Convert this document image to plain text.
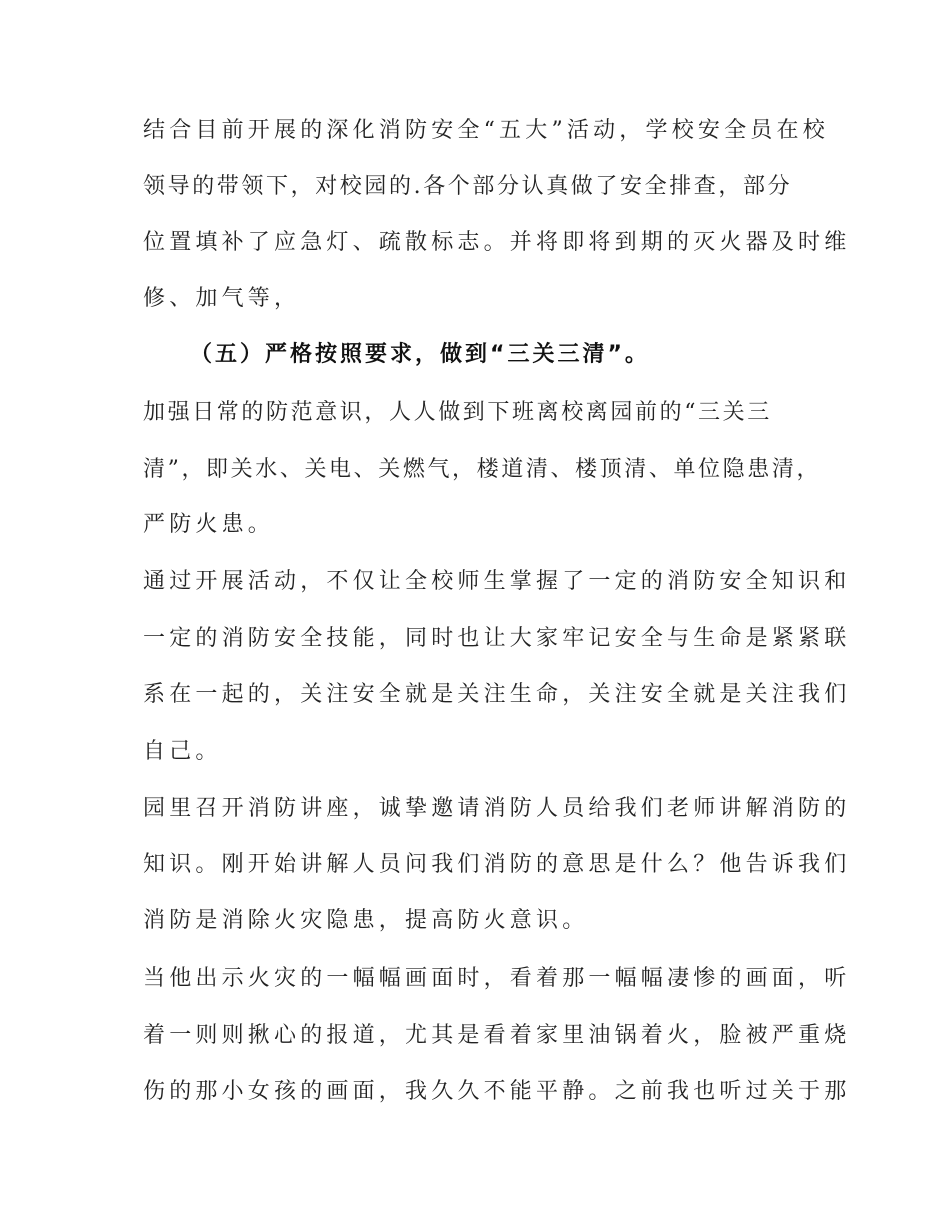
结合目前开展的深化消防安全“五大”活动，学校安全员在校

领导的带领下，对校园的.各个部分认真做了安全排查，部分

位置填补了应急灯、疏散标志。并将即将到期的灭火器及时维

修、加气等，

（五）严格按照要求，做到“三关三清”。

加强日常的防范意识，人人做到下班离校离园前的“三关三

清”，即关水、关电、关燃气，楼道清、楼顶清、单位隐患清，

严防火患。

通过开展活动，不仅让全校师生掌握了一定的消防安全知识和

一定的消防安全技能，同时也让大家牢记安全与生命是紧紧联

系在一起的，关注安全就是关注生命，关注安全就是关注我们

自己。

园里召开消防讲座，诚挚邀请消防人员给我们老师讲解消防的

知识。刚开始讲解人员问我们消防的意思是什么？他告诉我们

消防是消除火灾隐患，提高防火意识。

当他出示火灾的一幅幅画面时，看着那一幅幅凄惨的画面，听

着一则则揪心的报道，尤其是看着家里油锅着火，脸被严重烧

伤的那小女孩的画面，我久久不能平静。之前我也听过关于那
